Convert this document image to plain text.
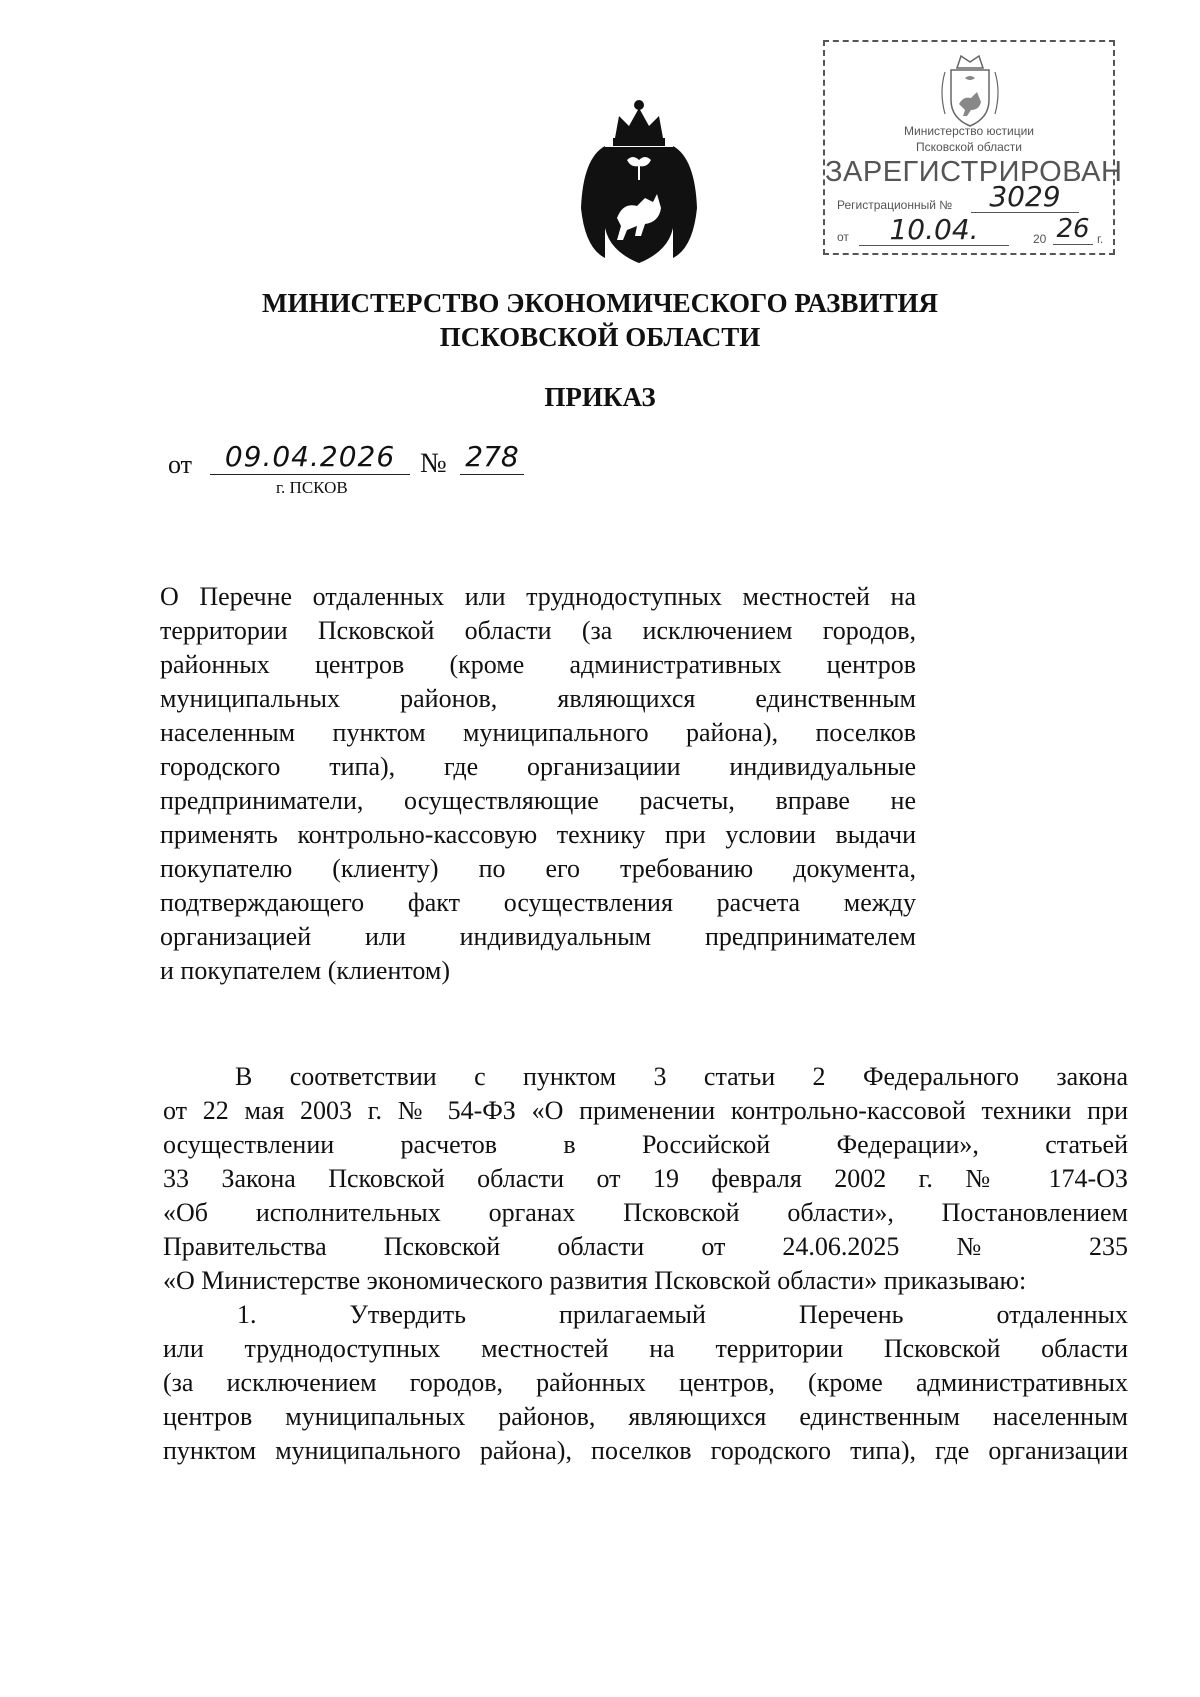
Министерство юстиции
Псковской области
ЗАРЕГИСТРИРОВАН
Регистрационный №	3029
от	10.04.	20 26 г.
МИНИСТЕРСТВО ЭКОНОМИЧЕСКОГО РАЗВИТИЯ
ПСКОВСКОЙ ОБЛАСТИ
ПРИКАЗ
от	09.04.2026 № 278
г. ПСКОВ
О Перечне отдаленных или труднодоступных местностей на
территории Псковской области (за исключением городов,
районных центров (кроме административных центров
муниципальных районов, являющихся единственным
населенным пунктом муниципального района), поселков
городского типа), где организациии индивидуальные
предприниматели, осуществляющие расчеты, вправе не
применять контрольно-кассовую технику при условии выдачи
покупателю (клиенту) по его требованию документа,
подтверждающего факт осуществления расчета между
организацией или индивидуальным предпринимателем
и покупателем (клиентом)
В соответствии с пунктом 3 статьи 2 Федерального закона
от 22 мая 2003 г. № 54-ФЗ «О применении контрольно-кассовой техники при
осуществлении расчетов в Российской Федерации», статьей
33 Закона Псковской области от 19 февраля 2002 г. № 174-ОЗ
«Об исполнительных органах Псковской области», Постановлением
Правительства Псковской области от 24.06.2025 № 235
«О Министерстве экономического развития Псковской области» приказываю:
1. Утвердить прилагаемый Перечень отдаленных
или труднодоступных местностей на территории Псковской области
(за исключением городов, районных центров, (кроме административных
центров муниципальных районов, являющихся единственным населенным
пунктом муниципального района), поселков городского типа), где организации
